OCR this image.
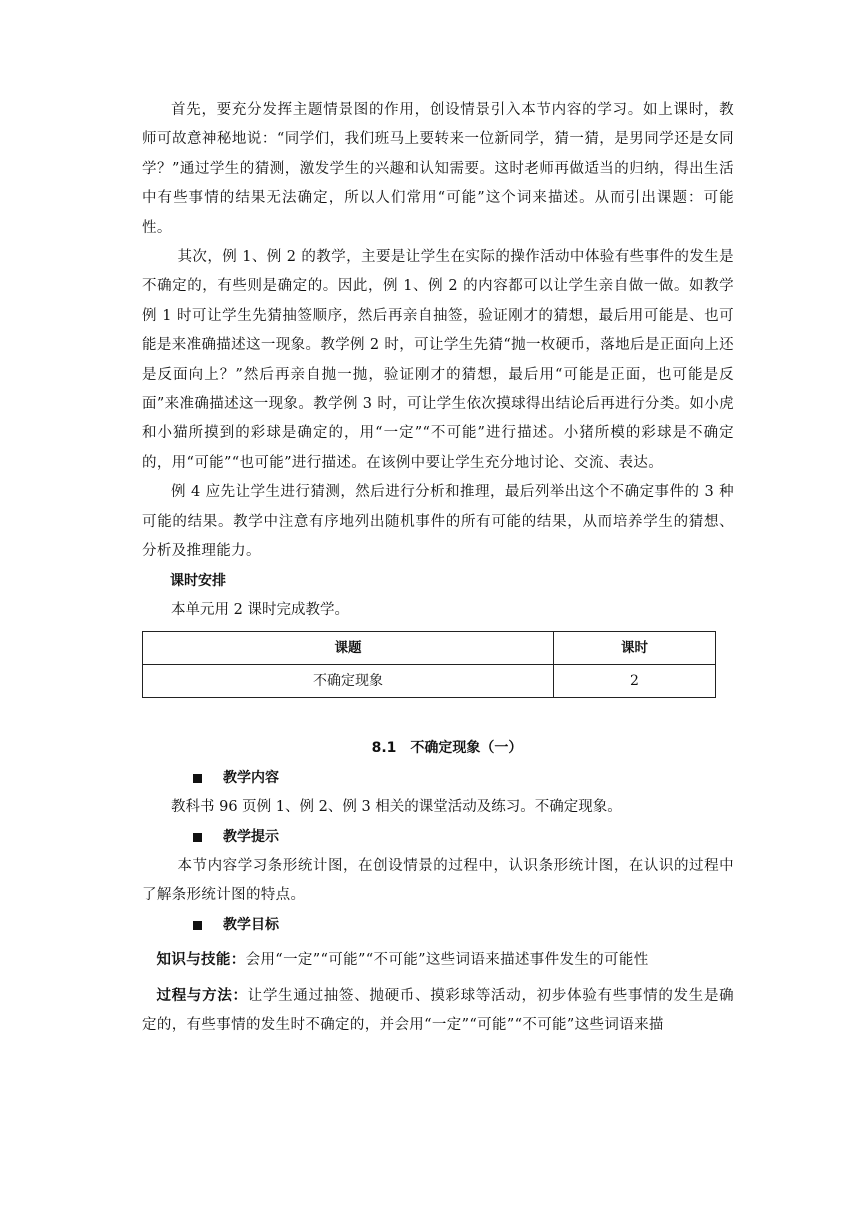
首先，要充分发挥主题情景图的作用，创设情景引入本节内容的学习。如上课时，教师可故意神秘地说：“同学们，我们班马上要转来一位新同学，猜一猜，是男同学还是女同学？”通过学生的猜测，激发学生的兴趣和认知需要。这时老师再做适当的归纳，得出生活中有些事情的结果无法确定，所以人们常用“可能”这个词来描述。从而引出课题：可能性。

其次，例 1、例 2 的教学，主要是让学生在实际的操作活动中体验有些事件的发生是不确定的，有些则是确定的。因此，例 1、例 2 的内容都可以让学生亲自做一做。如教学例 1 时可让学生先猜抽签顺序，然后再亲自抽签，验证刚才的猜想，最后用可能是、也可能是来准确描述这一现象。教学例 2 时，可让学生先猜“抛一枚硬币，落地后是正面向上还是反面向上？”然后再亲自抛一抛，验证刚才的猜想，最后用“可能是正面，也可能是反面”来准确描述这一现象。教学例 3 时，可让学生依次摸球得出结论后再进行分类。如小虎和小猫所摸到的彩球是确定的，用“一定”“不可能”进行描述。小猪所模的彩球是不确定的，用“可能”“也可能”进行描述。在该例中要让学生充分地讨论、交流、表达。

例 4 应先让学生进行猜测，然后进行分析和推理，最后列举出这个不确定事件的 3 种可能的结果。教学中注意有序地列出随机事件的所有可能的结果，从而培养学生的猜想、分析及推理能力。

课时安排

本单元用 2 课时完成教学。

课题	课时
不确定现象	2

8.1　不确定现象（一）

教学内容

教科书 96 页例 1、例 2、例 3 相关的课堂活动及练习。不确定现象。

教学提示

本节内容学习条形统计图，在创设情景的过程中，认识条形统计图，在认识的过程中了解条形统计图的特点。

教学目标

知识与技能：会用“一定”“可能”“不可能”这些词语来描述事件发生的可能性

过程与方法：让学生通过抽签、抛硬币、摸彩球等活动，初步体验有些事情的发生是确定的，有些事情的发生时不确定的，并会用“一定”“可能”“不可能”这些词语来描
